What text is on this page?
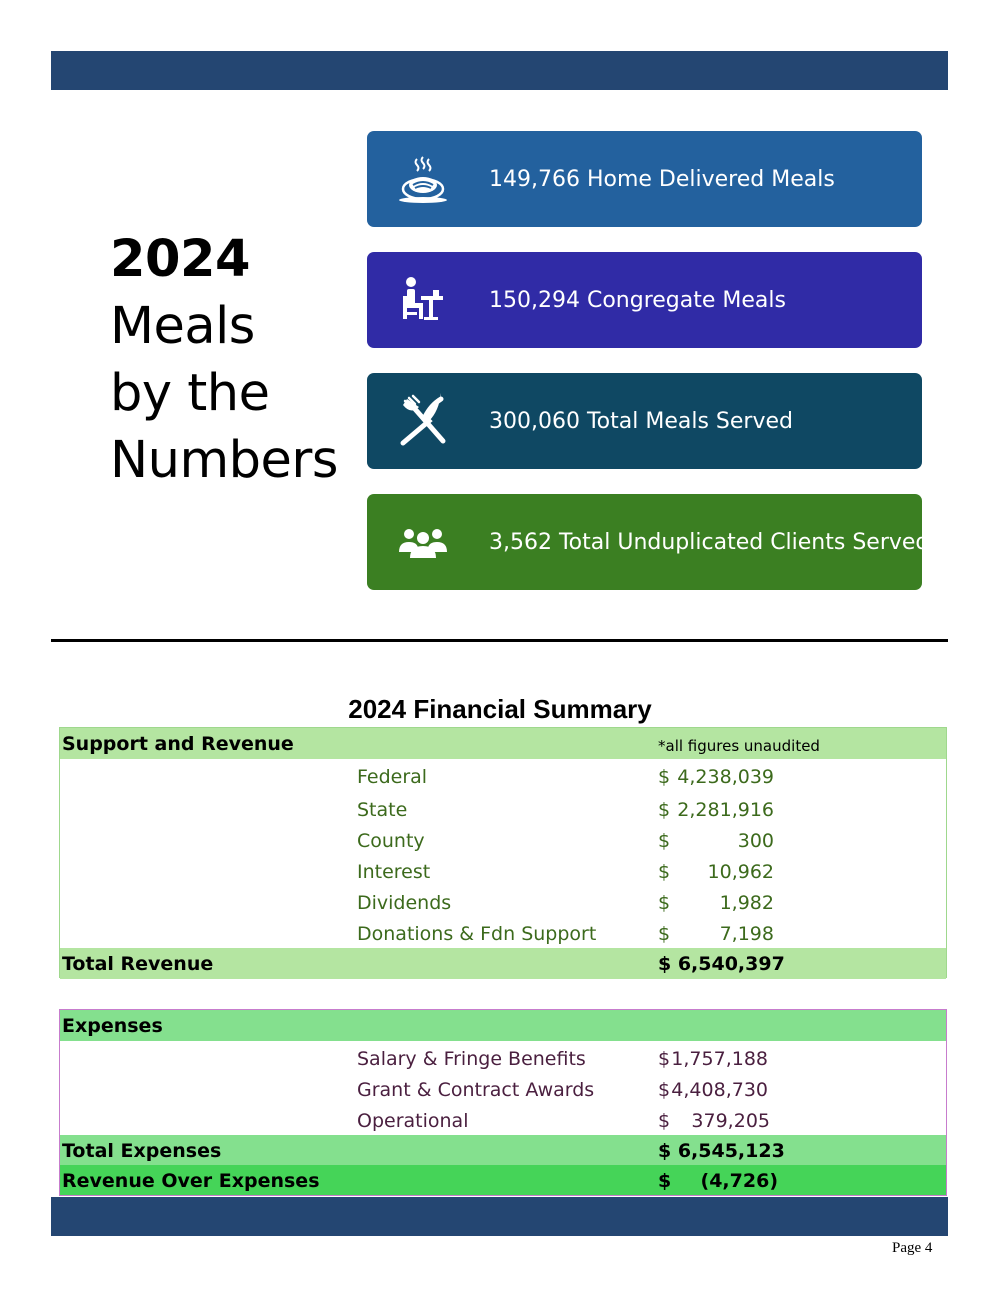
2024
Meals
by the
Numbers
149,766 Home Delivered Meals
150,294 Congregate Meals
300,060 Total Meals Served
3,562 Total Unduplicated Clients Served
2024 Financial Summary
Support and Revenue	*all figures unaudited
Federal	$ 4,238,039
State	$ 2,281,916
County	$	300
Interest	$	10,962
Dividends	$	1,982
Donations & Fdn Support	$	7,198
Total Revenue	$ 6,540,397
Expenses
Salary & Fringe Benefits	$ 1,757,188
Grant & Contract Awards	$ 4,408,730
Operational	$	379,205
Total Expenses	$ 6,545,123
Revenue Over Expenses	$	(4,726)
Page 4
